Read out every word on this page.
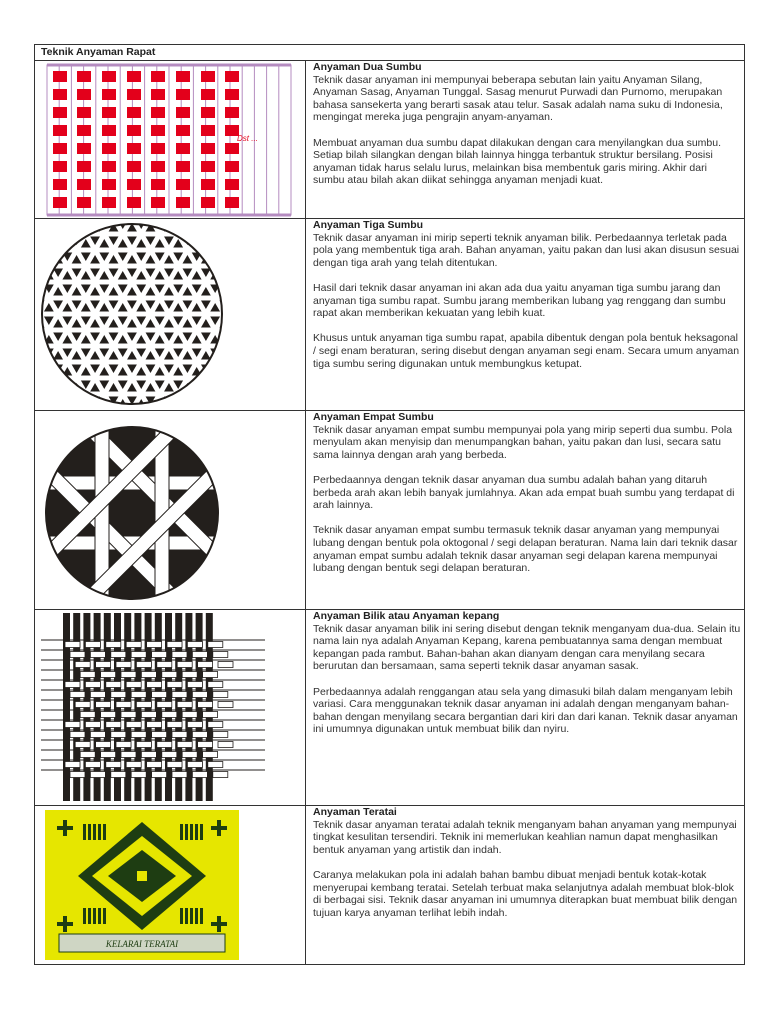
Teknik Anyaman Rapat
Dst ...
Anyaman Dua Sumbu

Teknik dasar anyaman ini mempunyai beberapa sebutan lain yaitu Anyaman Silang, Anyaman Sasag, Anyaman Tunggal. Sasag menurut Purwadi dan Purnomo, merupakan bahasa sansekerta yang berarti sasak atau telur. Sasak adalah nama suku di Indonesia, mengingat mereka juga pengrajin anyam-anyaman.

Membuat anyaman dua sumbu dapat dilakukan dengan cara menyilangkan dua sumbu. Setiap bilah silangkan dengan bilah lainnya hingga terbantuk struktur bersilang. Posisi anyaman tidak harus selalu lurus, melainkan bisa membentuk garis miring. Akhir dari sumbu atau bilah akan diikat sehingga anyaman menjadi kuat.

Anyaman Tiga Sumbu

Teknik dasar anyaman ini mirip seperti teknik anyaman bilik. Perbedaannya terletak pada pola yang membentuk tiga arah. Bahan anyaman, yaitu pakan dan lusi akan disusun sesuai dengan tiga arah yang telah ditentukan.

Hasil dari teknik dasar anyaman ini akan ada dua yaitu anyaman tiga sumbu jarang dan anyaman tiga sumbu rapat. Sumbu jarang memberikan lubang yag renggang dan sumbu rapat akan memberikan kekuatan yang lebih kuat.

Khusus untuk anyaman tiga sumbu rapat, apabila dibentuk dengan pola bentuk heksagonal / segi enam beraturan, sering disebut dengan anyaman segi enam. Secara umum anyaman tiga sumbu sering digunakan untuk membungkus ketupat.

Anyaman Empat Sumbu

Teknik dasar anyaman empat sumbu mempunyai pola yang mirip seperti dua sumbu. Pola menyulam akan menyisip dan menumpangkan bahan, yaitu pakan dan lusi, secara satu sama lainnya dengan arah yang berbeda.

Perbedaannya dengan teknik dasar anyaman dua sumbu adalah bahan yang ditaruh berbeda arah akan lebih banyak jumlahnya. Akan ada empat buah sumbu yang terdapat di arah lainnya.

Teknik dasar anyaman empat sumbu termasuk teknik dasar anyaman yang mempunyai lubang dengan bentuk pola oktogonal / segi delapan beraturan. Nama lain dari teknik dasar anyaman empat sumbu adalah teknik dasar anyaman segi delapan karena mempunyai lubang dengan bentuk segi delapan beraturan.

Anyaman Bilik atau Anyaman kepang

Teknik dasar anyaman bilik ini sering disebut dengan teknik menganyam dua-dua. Selain itu nama lain nya adalah Anyaman Kepang, karena pembuatannya sama dengan membuat kepangan pada rambut. Bahan-bahan akan dianyam dengan cara menyilang secara berurutan dan bersamaan, sama seperti teknik dasar anyaman sasak.

Perbedaannya adalah renggangan atau sela yang dimasuki bilah dalam menganyam lebih variasi. Cara menggunakan teknik dasar anyaman ini adalah dengan menganyam bahan-bahan dengan menyilang secara bergantian dari kiri dan dari kanan. Teknik dasar anyaman ini umumnya digunakan untuk membuat bilik dan nyiru.

KELARAI TERATAI
Anyaman Teratai

Teknik dasar anyaman teratai adalah teknik menganyam bahan anyaman yang mempunyai tingkat kesulitan tersendiri. Teknik ini memerlukan keahlian namun dapat menghasilkan bentuk anyaman yang artistik dan indah.

Caranya melakukan pola ini adalah bahan bambu dibuat menjadi bentuk kotak-kotak menyerupai kembang teratai. Setelah terbuat maka selanjutnya adalah membuat blok-blok di berbagai sisi. Teknik dasar anyaman ini umumnya diterapkan buat membuat bilik dengan tujuan karya anyaman terlihat lebih indah.
